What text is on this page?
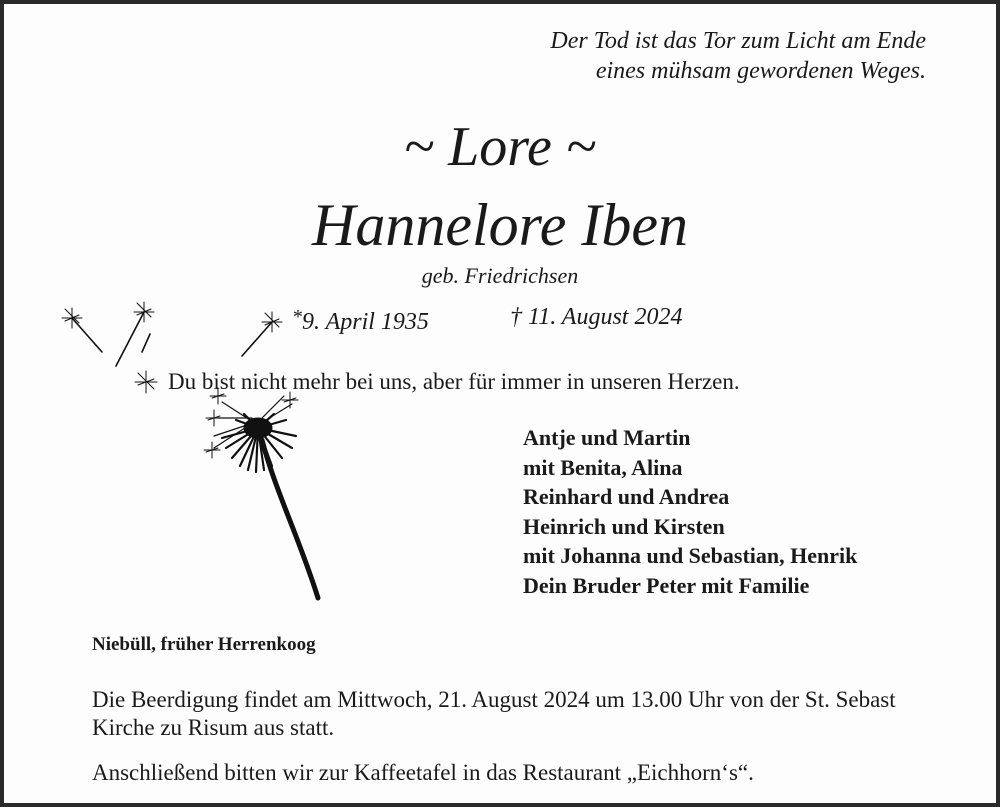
Der Tod ist das Tor zum Licht am Ende
eines mühsam gewordenen Weges.
~ Lore ~
Hannelore Iben
geb. Friedrichsen
*9. April 1935	† 11. August 2024
Du bist nicht mehr bei uns, aber für immer in unseren Herzen.
Antje und Martin
mit Benita, Alina
Reinhard und Andrea
Heinrich und Kirsten
mit Johanna und Sebastian, Henrik
Dein Bruder Peter mit Familie
Niebüll, früher Herrenkoog
Die Beerdigung findet am Mittwoch, 21. August 2024 um 13.00 Uhr von der St. Sebast Kirche zu Risum aus statt.
Anschließend bitten wir zur Kaffeetafel in das Restaurant „Eichhorn‘s“.
